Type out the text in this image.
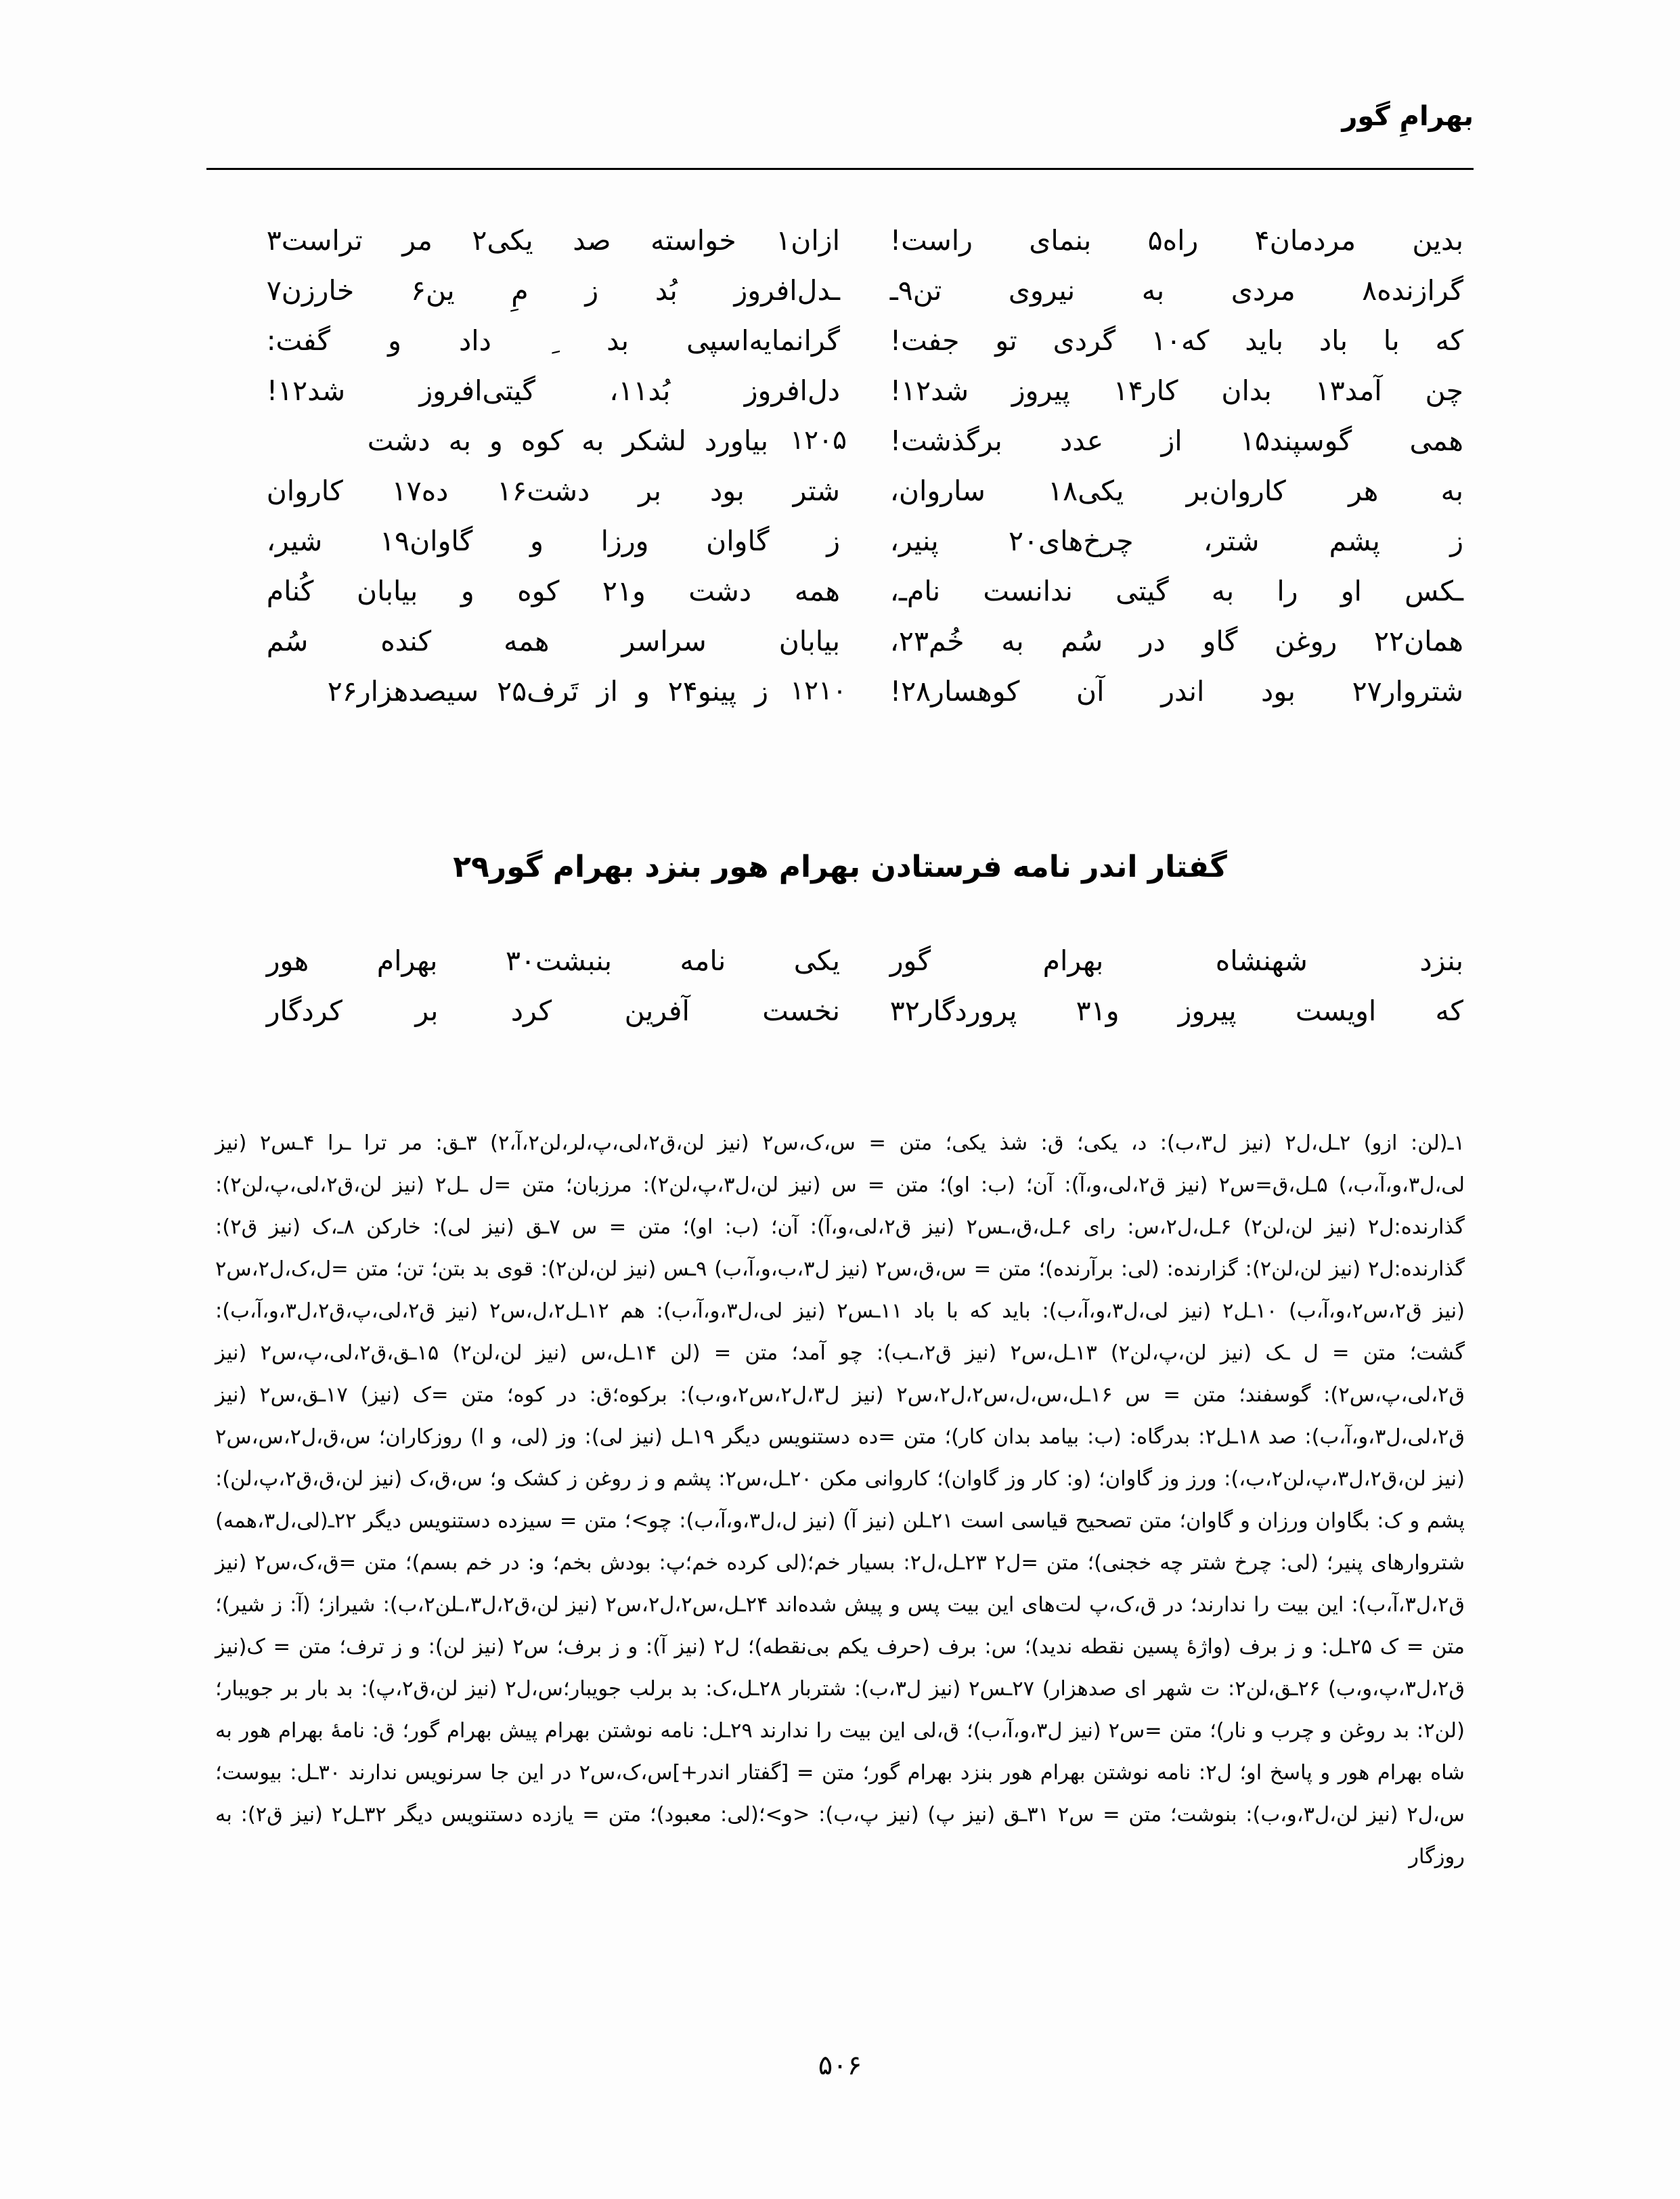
بهرامِ گور
بدین مردمان۴ راه۵ بنمای راست!
ازان۱ خواسته صد یکی۲ مر تراست۳
گرازنده۸ مردی به نیروی تن۹ـ
ـدل‌افروز بُد ز مِ ین۶ خارزن۷
که با باد باید که۱۰ گردی تو جفت!
گرانمایه‌اسپی بد ِ داد و گفت:
چن آمد۱۳ بدان کار۱۴ پیروز شد۱۲!
دل‌افروز بُد۱۱، گیتی‌افروز شد۱۲!
همی گوسپند۱۵ از عدد برگذشت!
۱۲۰۵
بیاورد لشکر به کوه و به دشت
به هر کاروان‌بر یکی۱۸ ساروان،
شتر بود بر دشت۱۶ ده۱۷ کاروان
ز پشم شتر، چرخ‌های۲۰ پنیر،
ز گاوان ورزا و گاوان۱۹ شیر،
ـکس او را به گیتی ندانست نام‌ـ،
همه دشت و۲۱ کوه و بیابان کُنام
همان۲۲ روغن گاو در سُم به خُم۲۳،
بیابان سراسر همه کنده سُم
شتروار۲۷ بود اندر آن کوهسار۲۸!
۱۲۱۰
ز پینو۲۴ و از تَرف۲۵ سیصدهزار۲۶
گفتار اندر نامه فرستادن بهرام هور بنزد بهرام گور۲۹
بنزد شهنشاه بهرام گور
یکی نامه بنبشت۳۰ بهرام هور
که اویست پیروز و۳۱ پروردگار۳۲
نخست آفرین کرد بر کردگار
۱ـ(لن: ازو) ۲ـل،ل۲ (نیز ل۳،ب): د، یکی؛ ق: شذ یکی؛ متن = س،ک،س۲ (نیز لن،ق۲،لی،پ،لر،لن۲،آ،۲) ۳ـق: مر ترا ـرا ۴ـس۲ (نیز لی،ل۳،و،آ،ب،) ۵ـل،ق=س۲ (نیز ق۲،لی،و،آ): آن؛ (ب: او)؛ متن = س (نیز لن،ل۳،پ،لن۲): مرزبان؛ متن =ل ـل۲ (نیز لن،ق۲،لی،پ،لن۲): گذارنده:ل۲ (نیز لن،لن۲) ۶ـل،ل۲،س: رای ۶ـل،ق،ـس۲ (نیز ق۲،لی،و،آ): آن؛ (ب: او)؛ متن = س ۷ـق (نیز لی): خارکن ۸ـ،ک (نیز ق۲): گذارنده:ل۲ (نیز لن،لن۲): گزارنده: (لی: برآرنده)؛ متن = س،ق،س۲ (نیز ل۳،ب،و،آ،ب) ۹ـس (نیز لن،لن۲): قوی بد بتن؛ تن؛ متن =ل،ک،ل۲،س۲ (نیز ق۲،س۲،و،آ،ب) ۱۰ـل۲ (نیز لی،ل۳،و،آ،ب): باید که با باد ۱۱ـس۲ (نیز لی،ل۳،و،آ،ب): هم ۱۲ـل۲،ل،س۲ (نیز ق۲،لی،پ،ق۲،ل۳،و،آ،ب): گشت؛ متن = ل ـک (نیز لن،پ،لن۲) ۱۳ـل،س۲ (نیز ق۲،ـب): چو آمد؛ متن = (لن ۱۴ـل،س (نیز لن،لن۲) ۱۵ـق،ق۲،لی،پ،س۲ (نیز ق۲،لی،پ،س۲): گوسفند؛ متن = س ۱۶ـل،س،ل،س۲،ل۲،س۲ (نیز ل۳،ل۲،س۲،و،ب): برکوه؛ق: در کوه؛ متن =ک (نیز) ۱۷ـق،س۲ (نیز ق۲،لی،ل۳،و،آ،ب): صد ۱۸ـل۲: بدرگاه: (ب: بیامد بدان کار)؛ متن =ده دستنویس دیگر ۱۹ـل (نیز لی): وز (لی، و ا) روزکاران؛ س،ق،ل۲،س،س۲ (نیز لن،ق۲،ل۳،پ،لن۲،ب،): ورز وز گاوان؛ (و: کار وز گاوان)؛ کاروانی مکن ۲۰ـل،س۲: پشم و ز روغن ز کشک و؛ س،ق،ک (نیز لن،ق،ق۲،پ،لن): پشم و ک: بگاوان ورزان و گاوان؛ متن تصحیح قیاسی است ۲۱ـلن (نیز آ) (نیز ل،ل۳،و،آ،ب): چو>؛ متن = سیزده دستنویس دیگر ۲۲ـ(لی،ل۳،همه) شتروارهای پنیر؛ (لی: چرخ شتر چه خجنی)؛ متن =ل۲ ۲۳ـل،ل۲: بسیار خم؛(لی کرده خم؛پ: بودش بخم؛ و: در خم بسم)؛ متن =ق،ک،س۲ (نیز ق۲،ل۳،آ،ب): این بیت را ندارند؛ در ق،ک،پ لت‌های این بیت پس و پیش شده‌اند ۲۴ـل،س۲،ل۲،س۲ (نیز لن،ق۲،ل۳،ـلن۲،ب): شیراز؛ (آ: ز شیر)؛ متن = ک ۲۵ـل: و ز برف (واژهٔ پسین نقطه ندید)؛ س: برف (حرف یکم بی‌نقطه)؛ ل۲ (نیز آ): و ز برف؛ س۲ (نیز لن): و ز ترف؛ متن = ک(نیز ق۲،ل۳،پ،و،ب) ۲۶ـق،لن۲: ت شهر ای صدهزار) ۲۷ـس۲ (نیز ل۳،ب): شتربار ۲۸ـل،ک: بد برلب جویبار؛س،ل۲ (نیز لن،ق۲،پ): بد بار بر جویبار؛(لن۲: بد روغن و چرب و نار)؛ متن =س۲ (نیز ل۳،و،آ،ب)؛ ق،لی این بیت را ندارند ۲۹ـل: نامه نوشتن بهرام پیش بهرام گور؛ ق: نامهٔ بهرام هور به شاه بهرام هور و پاسخ او؛ ل۲: نامه نوشتن بهرام هور بنزد بهرام گور؛ متن = [گفتار اندر+]س،ک،س۲ در این جا سرنویس ندارند ۳۰ـل: بیوست؛ س،ل۲ (نیز لن،ل۳،و،ب): بنوشت؛ متن = س۲ ۳۱ـق (نیز پ) (نیز پ،ب): <و>؛(لی: معبود)؛ متن = یازده دستنویس دیگر ۳۲ـل۲ (نیز ق۲): به روزگار
۵۰۶
